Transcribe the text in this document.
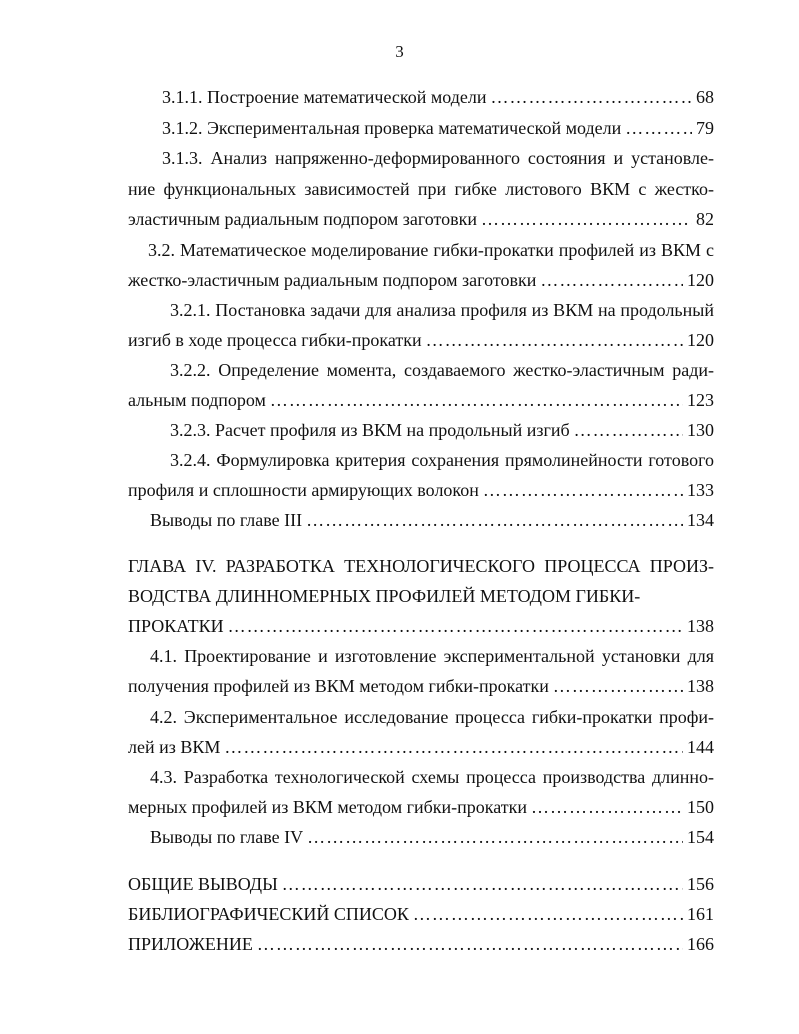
3
3.1.1. Построение математической модели …………………………………………………………………………………………………………………………………………………………………………	68
3.1.2. Экспериментальная проверка математической модели …………………………………………………………………………………………………………………………………………………………………………	79
3.1.3. Анализ напряженно-деформированного состояния и установле-
ние функциональных зависимостей при гибке листового ВКМ с жестко-
эластичным радиальным подпором заготовки …………………………………………………………………………………………………………………………………………………………………………	82
3.2. Математическое моделирование гибки-прокатки профилей из ВКМ с
жестко-эластичным радиальным подпором заготовки …………………………………………………………………………………………………………………………………………………………………………	120
3.2.1. Постановка задачи для анализа профиля из ВКМ на продольный
изгиб в ходе процесса гибки-прокатки …………………………………………………………………………………………………………………………………………………………………………	120
3.2.2. Определение момента, создаваемого жестко-эластичным ради-
альным подпором …………………………………………………………………………………………………………………………………………………………………………	123
3.2.3. Расчет профиля из ВКМ на продольный изгиб …………………………………………………………………………………………………………………………………………………………………………	130
3.2.4. Формулировка критерия сохранения прямолинейности готового
профиля и сплошности армирующих волокон …………………………………………………………………………………………………………………………………………………………………………	133
Выводы по главе III …………………………………………………………………………………………………………………………………………………………………………	134
ГЛАВА IV. РАЗРАБОТКА ТЕХНОЛОГИЧЕСКОГО ПРОЦЕССА ПРОИЗ-
ВОДСТВА ДЛИННОМЕРНЫХ ПРОФИЛЕЙ МЕТОДОМ ГИБКИ-
ПРОКАТКИ …………………………………………………………………………………………………………………………………………………………………………	138
4.1. Проектирование и изготовление экспериментальной установки для
получения профилей из ВКМ методом гибки-прокатки …………………………………………………………………………………………………………………………………………………………………………	138
4.2. Экспериментальное исследование процесса гибки-прокатки профи-
лей из ВКМ …………………………………………………………………………………………………………………………………………………………………………	144
4.3. Разработка технологической схемы процесса производства длинно-
мерных профилей из ВКМ методом гибки-прокатки …………………………………………………………………………………………………………………………………………………………………………	150
Выводы по главе IV …………………………………………………………………………………………………………………………………………………………………………	154
ОБЩИЕ ВЫВОДЫ …………………………………………………………………………………………………………………………………………………………………………	156
БИБЛИОГРАФИЧЕСКИЙ СПИСОК …………………………………………………………………………………………………………………………………………………………………………	161
ПРИЛОЖЕНИЕ …………………………………………………………………………………………………………………………………………………………………………	166
